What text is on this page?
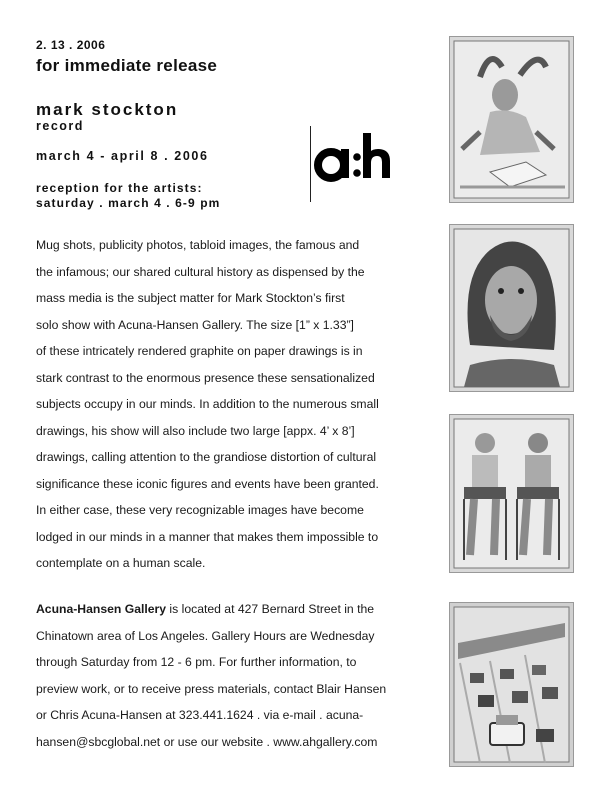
2. 13 . 2006
for immediate release
mark stockton
record
march 4 - april 8 . 2006
reception for the artists:
saturday . march 4 . 6-9 pm
Mug shots, publicity photos, tabloid images, the famous and
the infamous; our shared cultural history as dispensed by the
mass media is the subject matter for Mark Stockton’s first
solo show with Acuna-Hansen Gallery. The size [1” x 1.33”]
of these intricately rendered graphite on paper drawings is in
stark contrast to the enormous presence these sensationalized
subjects occupy in our minds. In addition to the numerous small
drawings, his show will also include two large [appx. 4’ x 8’]
drawings, calling attention to the grandiose distortion of cultural
significance these iconic figures and events have been granted.
In either case, these very recognizable images have become
lodged in our minds in a manner that makes them impossible to
contemplate on a human scale.
Acuna-Hansen Gallery is located at 427 Bernard Street in the
Chinatown area of Los Angeles. Gallery Hours are Wednesday
through Saturday from 12 - 6 pm. For further information, to
preview work, or to receive press materials, contact Blair Hansen
or Chris Acuna-Hansen at 323.441.1624 . via e-mail . acuna-
hansen@sbcglobal.net or use our website . www.ahgallery.com
